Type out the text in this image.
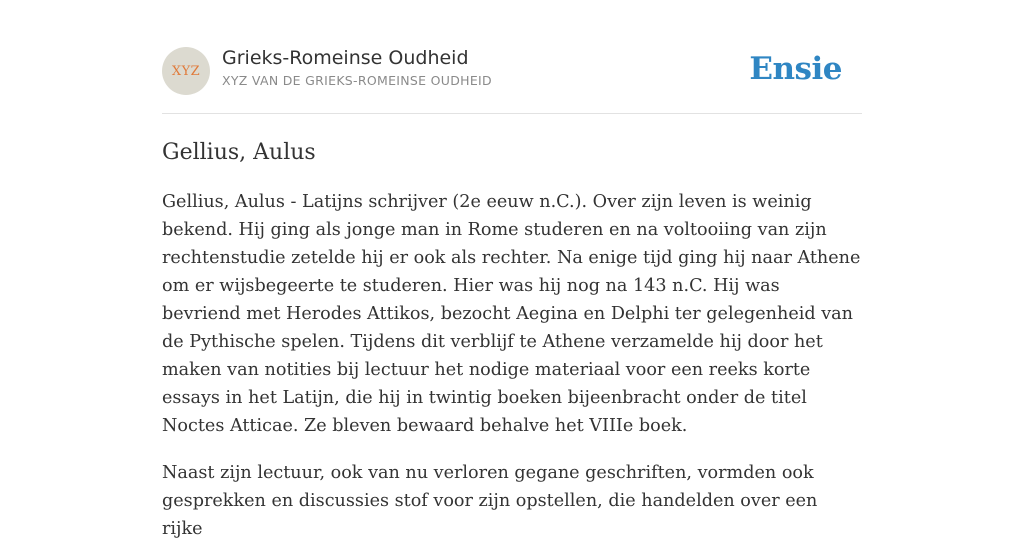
XYZ
Grieks-Romeinse Oudheid
XYZ VAN DE GRIEKS-ROMEINSE OUDHEID	Ensie
Gellius, Aulus

Gellius, Aulus - Latijns schrijver (2e eeuw n.C.). Over zijn leven is weinig bekend. Hij ging als jonge man in Rome studeren en na voltooiing van zijn rechtenstudie zetelde hij er ook als rechter. Na enige tijd ging hij naar Athene om er wijsbegeerte te studeren. Hier was hij nog na 143 n.C. Hij was bevriend met Herodes Attikos, bezocht Aegina en Delphi ter gelegenheid van de Pythische spelen. Tijdens dit verblijf te Athene verzamelde hij door het maken van notities bij lectuur het nodige materiaal voor een reeks korte essays in het Latijn, die hij in twintig boeken bijeenbracht onder de titel Noctes Atticae. Ze bleven bewaard behalve het VIIIe boek.

Naast zijn lectuur, ook van nu verloren gegane geschriften, vormden ook gesprekken en discussies stof voor zijn opstellen, die handelden over een rijke
